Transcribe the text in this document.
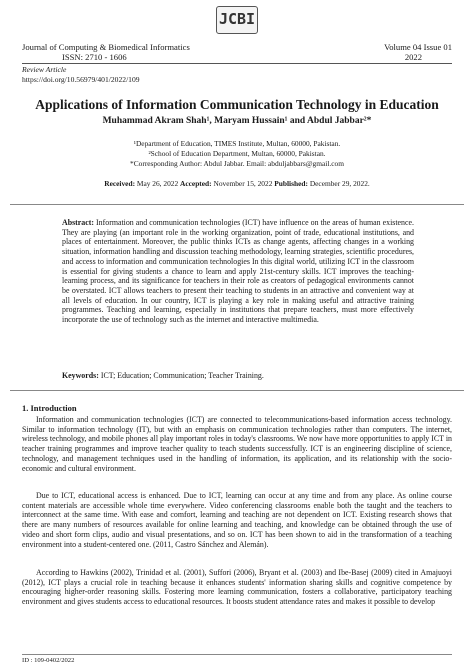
JCBI
Journal of Computing & Biomedical Informatics
ISSN: 2710 - 1606
Volume 04 Issue 01
2022
Review Article
https://doi.org/10.56979/401/2022/109
Applications of Information Communication Technology in Education
Muhammad Akram Shah¹, Maryam Hussain¹ and Abdul Jabbar²*
¹Department of Education, TIMES Institute, Multan, 60000, Pakistan.
²School of Education Department, Multan, 60000, Pakistan.
*Corresponding Author: Abdul Jabbar. Email: abduljabbars@gmail.com
Received: May 26, 2022 Accepted: November 15, 2022 Published: December 29, 2022.
Abstract: Information and communication technologies (ICT) have influence on the areas of human existence. They are playing (an important role in the working organization, point of trade, educational institutions, and places of entertainment. Moreover, the public thinks ICTs as change agents, affecting changes in a working situation, information handling and discussion teaching methodology, learning strategies, scientific procedures, and access to information and communication technologies In this digital world, utilizing ICT in the classroom is essential for giving students a chance to learn and apply 21st-century skills. ICT improves the teaching-learning process, and its significance for teachers in their role as creators of pedagogical environments cannot be overstated. ICT allows teachers to present their teaching to students in an attractive and convenient way at all levels of education. In our country, ICT is playing a key role in making useful and attractive training programmes. Teaching and learning, especially in institutions that prepare teachers, must more effectively incorporate the use of technology such as the internet and interactive multimedia.
Keywords: ICT; Education; Communication; Teacher Training.
1. Introduction
Information and communication technologies (ICT) are connected to telecommunications-based information access technology. Similar to information technology (IT), but with an emphasis on communication technologies rather than computers. The internet, wireless technology, and mobile phones all play important roles in today's classrooms. We now have more opportunities to apply ICT in teacher training programmes and improve teacher quality to teach students successfully. ICT is an engineering discipline of science, technology, and management techniques used in the handling of information, its application, and its relationship with the socio-economic and cultural environment.
Due to ICT, educational access is enhanced. Due to ICT, learning can occur at any time and from any place. As online course content materials are accessible whole time everywhere. Video conferencing classrooms enable both the taught and the teachers to interconnect at the same time. With ease and comfort, learning and teaching are not dependent on ICT. Existing research shows that there are many numbers of resources available for online learning and teaching, and knowledge can be obtained through the use of video and short form clips, audio and visual presentations, and so on. ICT has been shown to aid in the transformation of a teaching environment into a student-centered one. (2011, Castro Sánchez and Alemán).
According to Hawkins (2002), Trinidad et al. (2001), Suffori (2006), Bryant et al. (2003) and Ibe-Basej (2009) cited in Amajuoyi (2012), ICT plays a crucial role in teaching because it enhances students' information sharing skills and cognitive competence by encouraging higher-order reasoning skills. Fostering more learning communication, fosters a collaborative, participatory teaching environment and gives students access to educational resources. It boosts student attendance rates and makes it possible to develop
ID : 109-0402/2022
